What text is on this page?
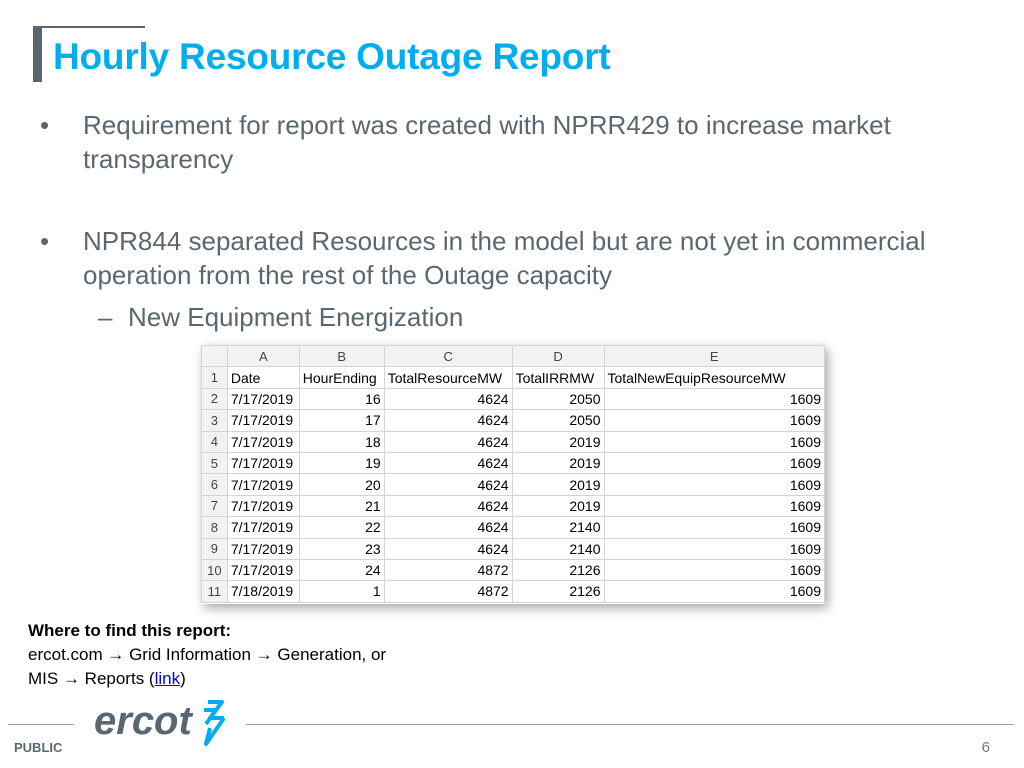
Hourly Resource Outage Report
• Requirement for report was created with NPRR429 to increase market transparency
• NPR844 separated Resources in the model but are not yet in commercial operation from the rest of the Outage capacity
– New Equipment Energization
	A	B	C	D	E
1	Date	HourEnding	TotalResourceMW	TotalIRRMW	TotalNewEquipResourceMW
2	7/17/2019	16	4624	2050	1609
3	7/17/2019	17	4624	2050	1609
4	7/17/2019	18	4624	2019	1609
5	7/17/2019	19	4624	2019	1609
6	7/17/2019	20	4624	2019	1609
7	7/17/2019	21	4624	2019	1609
8	7/17/2019	22	4624	2140	1609
9	7/17/2019	23	4624	2140	1609
10	7/17/2019	24	4872	2126	1609
11	7/18/2019	1	4872	2126	1609
Where to find this report:
ercot.com → Grid Information → Generation, or
MIS → Reports (link)
ercot
PUBLIC	6
